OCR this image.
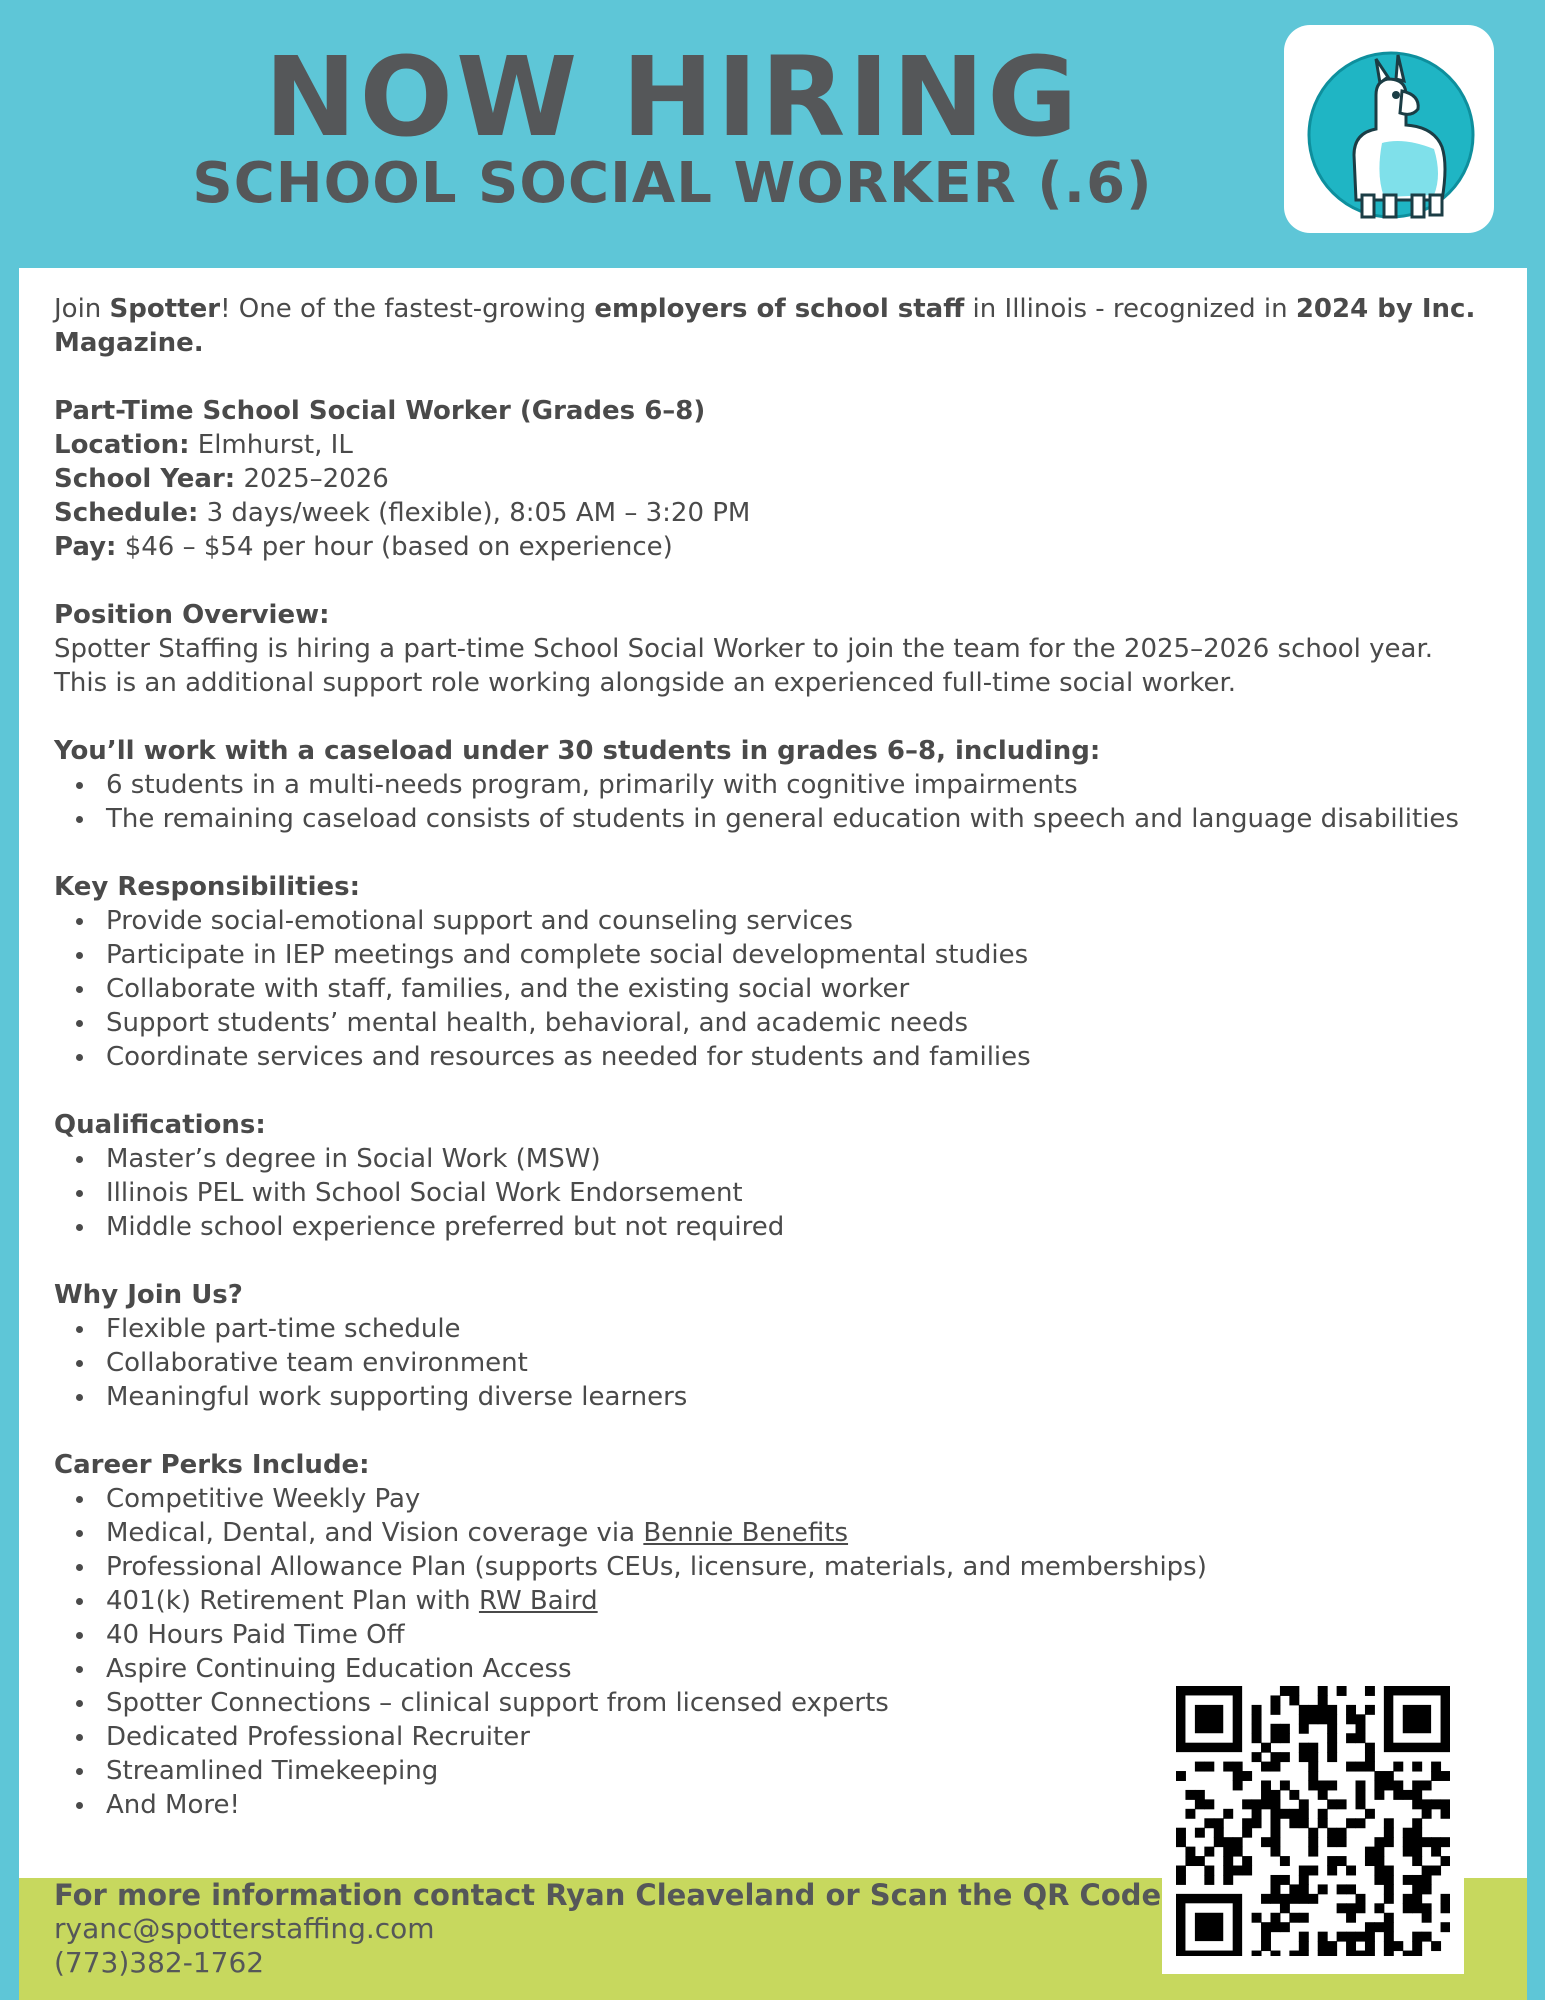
NOW HIRING
SCHOOL SOCIAL WORKER (.6)
Join Spotter! One of the fastest-growing employers of school staff in Illinois - recognized in 2024 by Inc. Magazine.
Part-Time School Social Worker (Grades 6–8)
Location: Elmhurst, IL
School Year: 2025–2026
Schedule: 3 days/week (flexible), 8:05 AM – 3:20 PM
Pay: $46 – $54 per hour (based on experience)
Position Overview:
Spotter Staffing is hiring a part-time School Social Worker to join the team for the 2025–2026 school year.
This is an additional support role working alongside an experienced full-time social worker.
You’ll work with a caseload under 30 students in grades 6–8, including:
6 students in a multi-needs program, primarily with cognitive impairments
The remaining caseload consists of students in general education with speech and language disabilities
Key Responsibilities:
Provide social-emotional support and counseling services
Participate in IEP meetings and complete social developmental studies
Collaborate with staff, families, and the existing social worker
Support students’ mental health, behavioral, and academic needs
Coordinate services and resources as needed for students and families
Qualifications:
Master’s degree in Social Work (MSW)
Illinois PEL with School Social Work Endorsement
Middle school experience preferred but not required
Why Join Us?
Flexible part-time schedule
Collaborative team environment
Meaningful work supporting diverse learners
Career Perks Include:
Competitive Weekly Pay
Medical, Dental, and Vision coverage via Bennie Benefits
Professional Allowance Plan (supports CEUs, licensure, materials, and memberships)
401(k) Retirement Plan with RW Baird
40 Hours Paid Time Off
Aspire Continuing Education Access
Spotter Connections – clinical support from licensed experts
Dedicated Professional Recruiter
Streamlined Timekeeping
And More!
For more information contact Ryan Cleaveland or Scan the QR Code
ryanc@spotterstaffing.com
(773)382-1762
